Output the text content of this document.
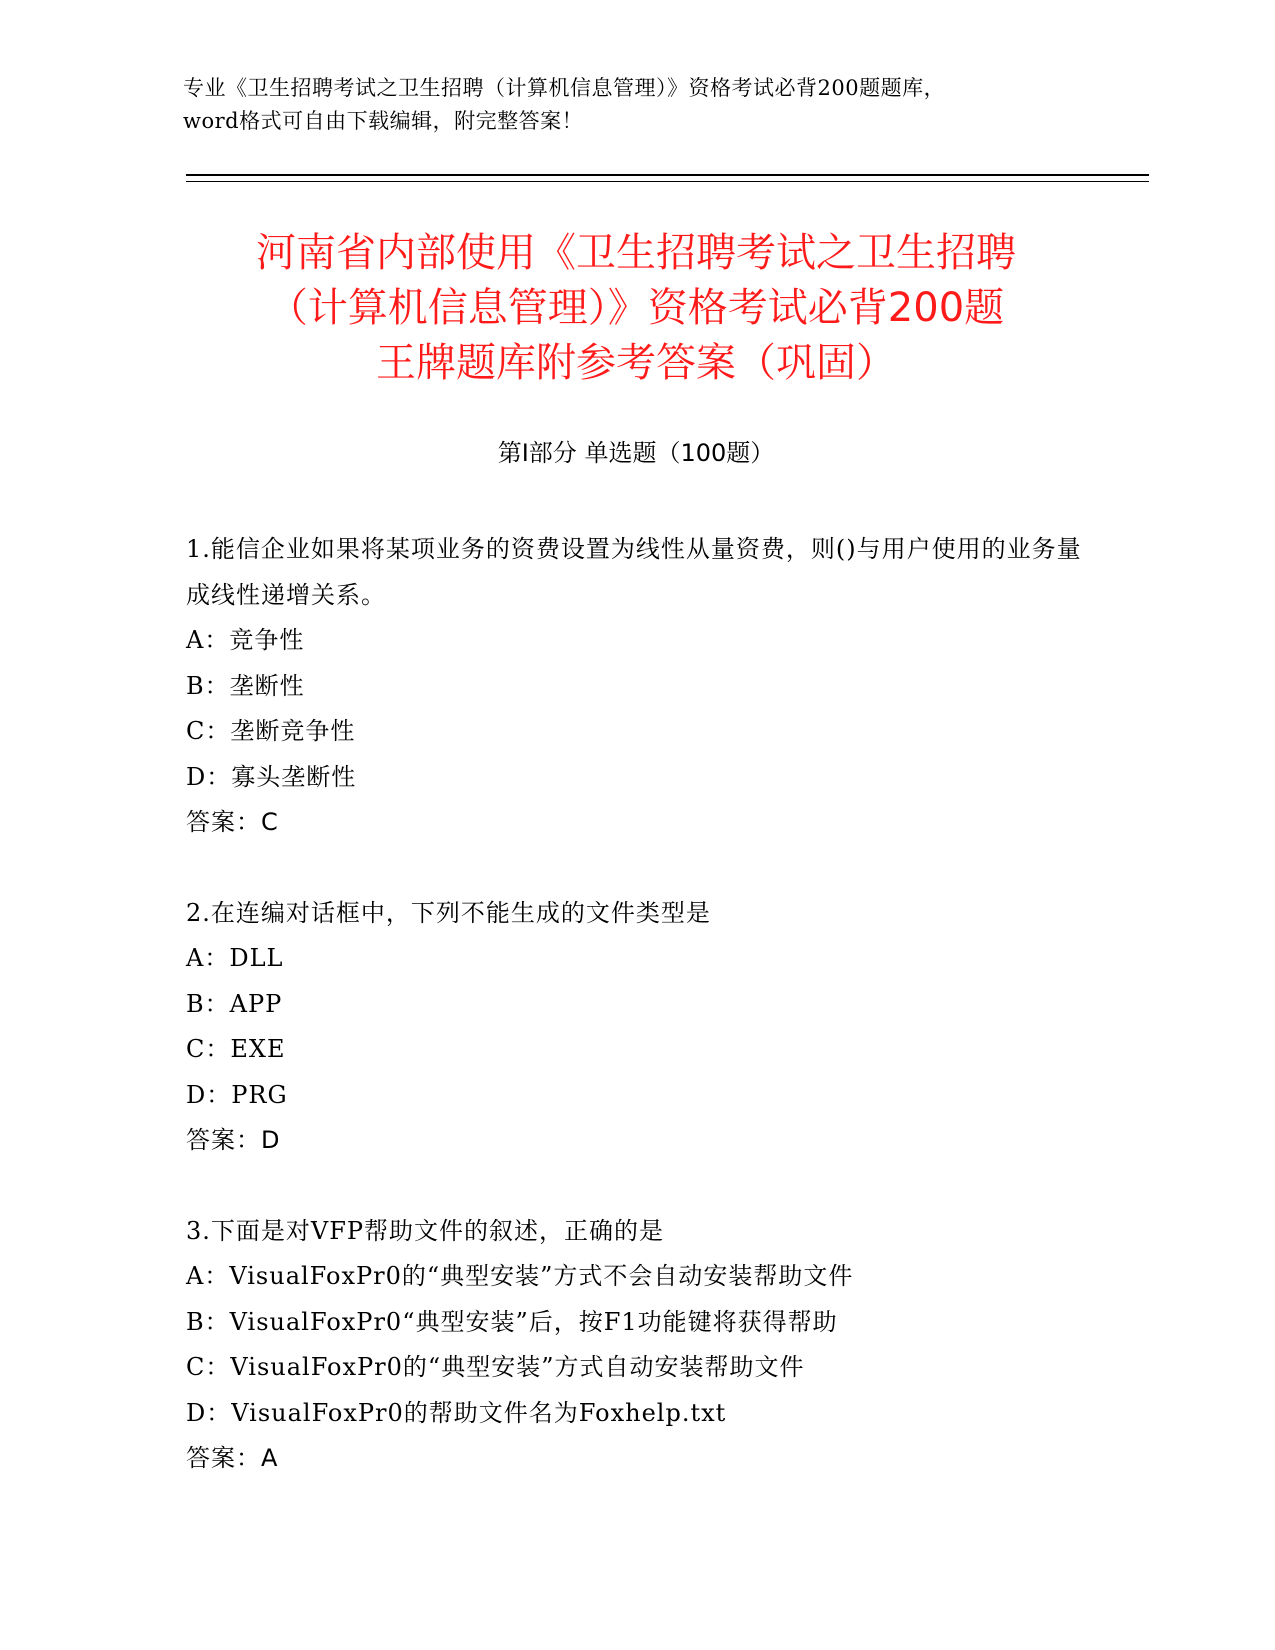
专业《卫生招聘考试之卫生招聘（计算机信息管理）》资格考试必背200题题库，
word格式可自由下载编辑，附完整答案！
河南省内部使用《卫生招聘考试之卫生招聘
（计算机信息管理）》资格考试必背200题
王牌题库附参考答案（巩固）
第I部分 单选题（100题）
1.能信企业如果将某项业务的资费设置为线性从量资费，则()与用户使用的业务量成线性递增关系。
A：竞争性
B：垄断性
C：垄断竞争性
D：寡头垄断性
答案：C
2.在连编对话框中，下列不能生成的文件类型是
A：DLL
B：APP
C：EXE
D：PRG
答案：D
3.下面是对VFP帮助文件的叙述，正确的是
A：VisualFoxPr0的“典型安装”方式不会自动安装帮助文件
B：VisualFoxPr0“典型安装”后，按F1功能键将获得帮助
C：VisualFoxPr0的“典型安装”方式自动安装帮助文件
D：VisualFoxPr0的帮助文件名为Foxhelp.txt
答案：A
